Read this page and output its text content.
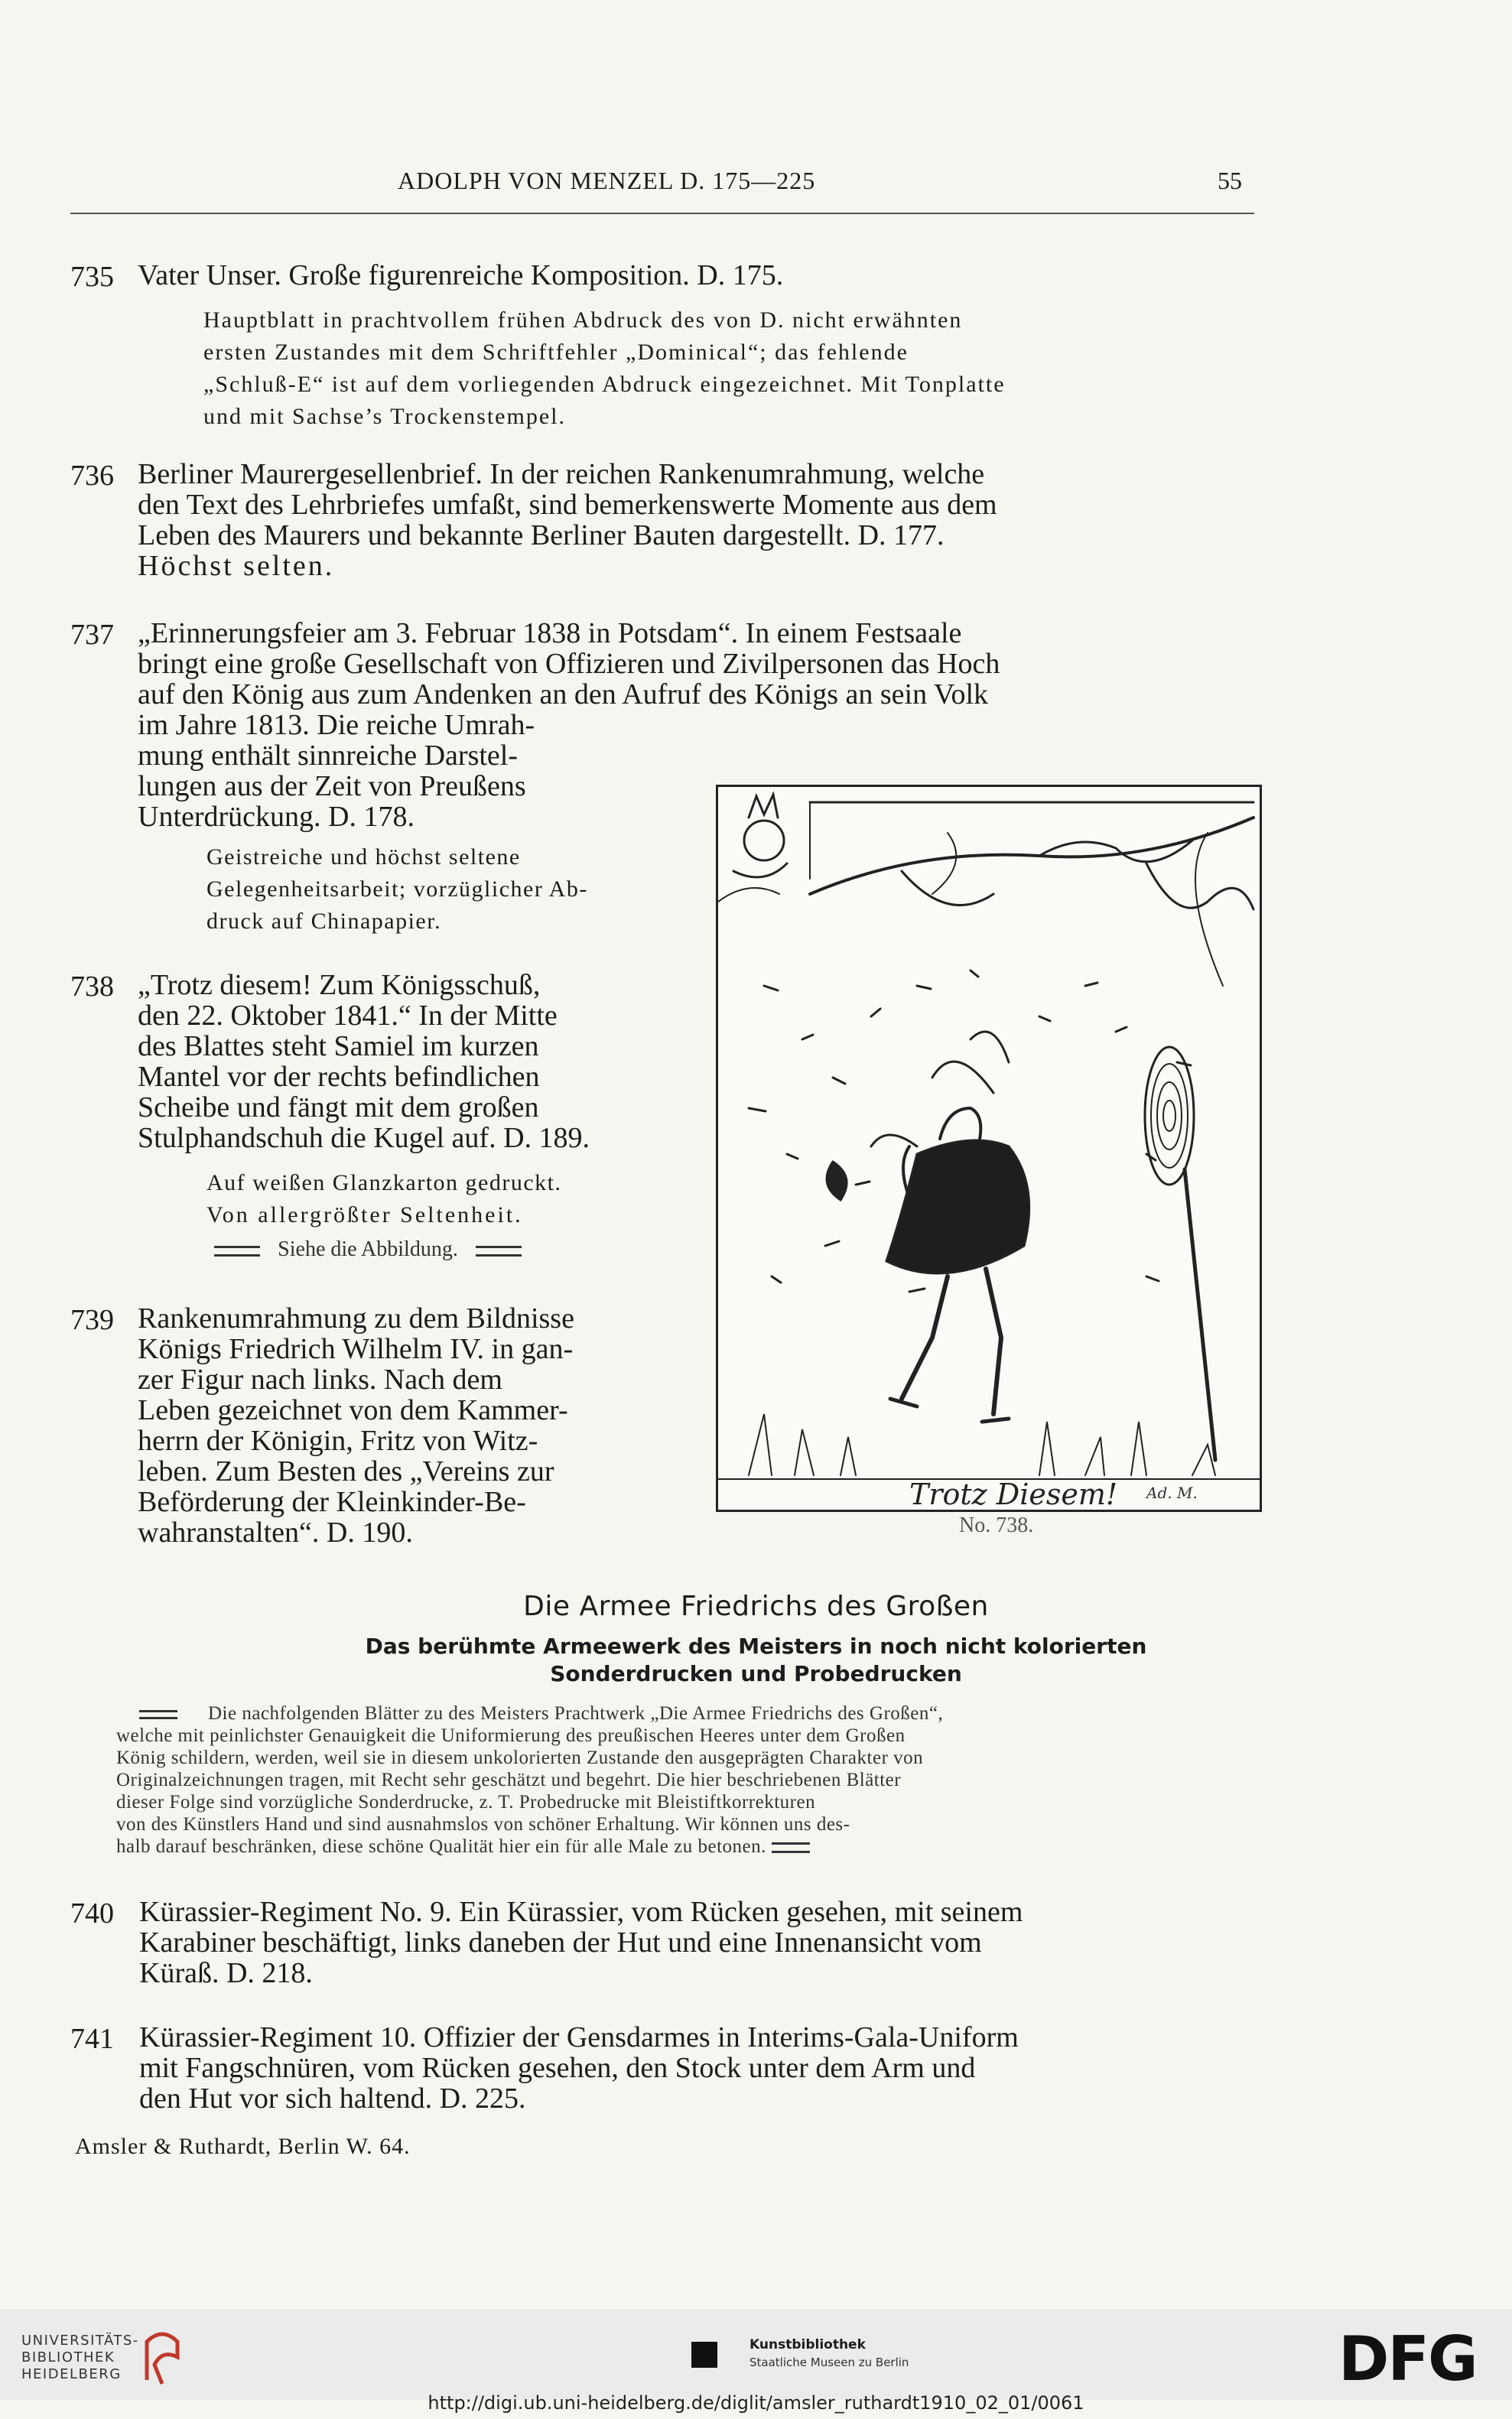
ADOLPH VON MENZEL D. 175—225	55
735 Vater Unser. Große figurenreiche Komposition. D. 175.
Hauptblatt in prachtvollem frühen Abdruck des von D. nicht erwähnten
ersten Zustandes mit dem Schriftfehler „Dominical“; das fehlende
„Schluß-E“ ist auf dem vorliegenden Abdruck eingezeichnet. Mit Tonplatte
und mit Sachse’s Trockenstempel.
736 Berliner Maurergesellenbrief. In der reichen Rankenumrahmung, welche
den Text des Lehrbriefes umfaßt, sind bemerkenswerte Momente aus dem
Leben des Maurers und bekannte Berliner Bauten dargestellt. D. 177.
Höchst selten.
737 „Erinnerungsfeier am 3. Februar 1838 in Potsdam“. In einem Festsaale
bringt eine große Gesellschaft von Offizieren und Zivilpersonen das Hoch
auf den König aus zum Andenken an den Aufruf des Königs an sein Volk
im Jahre 1813. Die reiche Umrah-
mung enthält sinnreiche Darstel-
lungen aus der Zeit von Preußens
Unterdrückung. D. 178.
Geistreiche und höchst seltene
Gelegenheitsarbeit; vorzüglicher Ab-
druck auf Chinapapier.
738 „Trotz diesem! Zum Königsschuß,
den 22. Oktober 1841.“ In der Mitte
des Blattes steht Samiel im kurzen
Mantel vor der rechts befindlichen
Scheibe und fängt mit dem großen
Stulphandschuh die Kugel auf. D. 189.
Auf weißen Glanzkarton gedruckt.
Von allergrößter Seltenheit.
Siehe die Abbildung.
739 Rankenumrahmung zu dem Bildnisse
Königs Friedrich Wilhelm IV. in gan-
zer Figur nach links. Nach dem
Leben gezeichnet von dem Kammer-
herrn der Königin, Fritz von Witz-
leben. Zum Besten des „Vereins zur
Beförderung der Kleinkinder-Be-
wahranstalten“. D. 190.
Trotz Diesem! Ad. M.
No. 738.
Die Armee Friedrichs des Großen
Das berühmte Armeewerk des Meisters in noch nicht kolorierten
Sonderdrucken und Probedrucken
Die nachfolgenden Blätter zu des Meisters Prachtwerk „Die Armee Friedrichs des Großen“,
welche mit peinlichster Genauigkeit die Uniformierung des preußischen Heeres unter dem Großen
König schildern, werden, weil sie in diesem unkolorierten Zustande den ausgeprägten Charakter von
Originalzeichnungen tragen, mit Recht sehr geschätzt und begehrt. Die hier beschriebenen Blätter
dieser Folge sind vorzügliche Sonderdrucke, z. T. Probedrucke mit Bleistiftkorrekturen
von des Künstlers Hand und sind ausnahmslos von schöner Erhaltung. Wir können uns des-
halb darauf beschränken, diese schöne Qualität hier ein für alle Male zu betonen.
740 Kürassier-Regiment No. 9. Ein Kürassier, vom Rücken gesehen, mit seinem
Karabiner beschäftigt, links daneben der Hut und eine Innenansicht vom
Küraß. D. 218.
741 Kürassier-Regiment 10. Offizier der Gensdarmes in Interims-Gala-Uniform
mit Fangschnüren, vom Rücken gesehen, den Stock unter dem Arm und
den Hut vor sich haltend. D. 225.
Amsler & Ruthardt, Berlin W. 64.
UNIVERSITÄTS-
BIBLIOTHEK
HEIDELBERG
Kunstbibliothek
Staatliche Museen zu Berlin	DFG
http://digi.ub.uni-heidelberg.de/diglit/amsler_ruthardt1910_02_01/0061
